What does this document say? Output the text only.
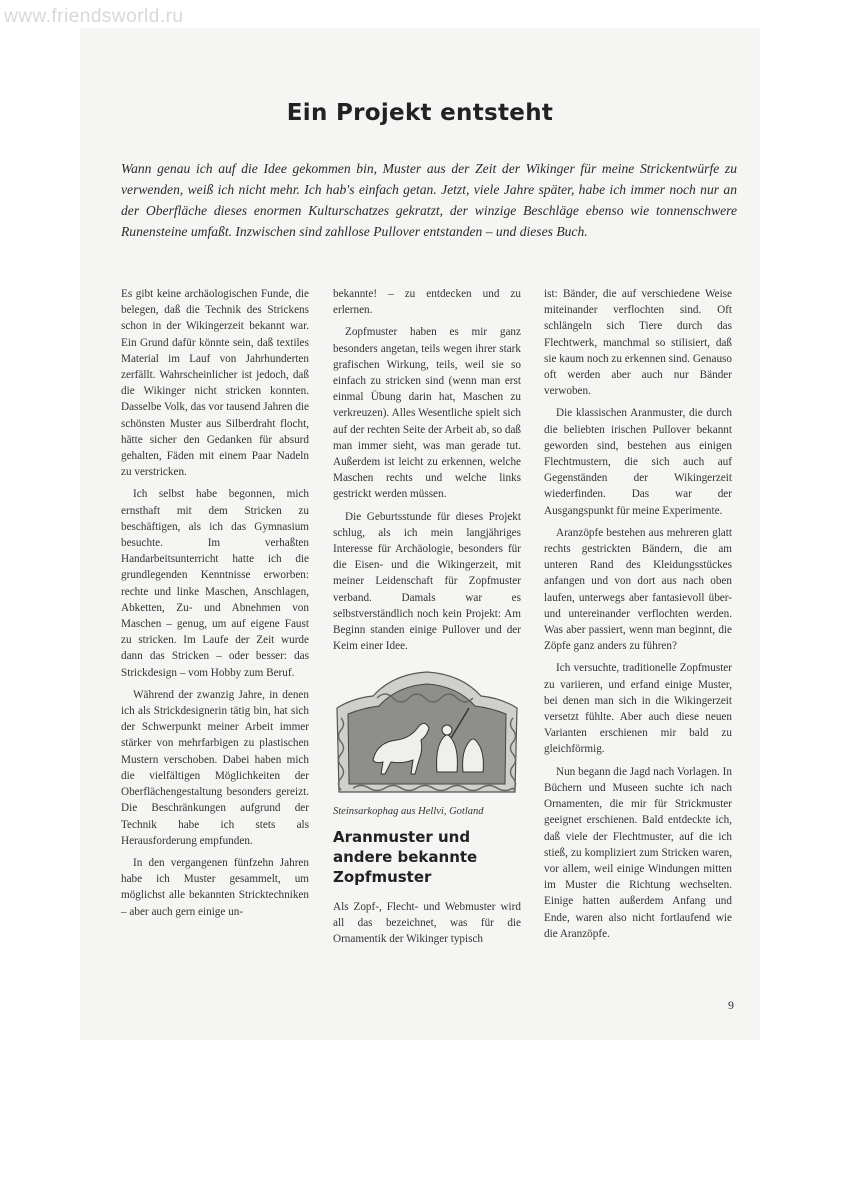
www.friendsworld.ru
Ein Projekt entsteht
Wann genau ich auf die Idee gekommen bin, Muster aus der Zeit der Wikinger für meine Strickentwürfe zu verwenden, weiß ich nicht mehr. Ich hab's einfach getan. Jetzt, viele Jahre später, habe ich immer noch nur an der Oberfläche dieses enormen Kulturschatzes gekratzt, der winzige Beschläge ebenso wie tonnenschwere Runensteine umfaßt. Inzwischen sind zahllose Pullover entstanden – und dieses Buch.

Es gibt keine archäologischen Funde, die belegen, daß die Technik des Strickens schon in der Wikingerzeit bekannt war. Ein Grund dafür könnte sein, daß textiles Material im Lauf von Jahrhunderten zerfällt. Wahrscheinlicher ist jedoch, daß die Wikinger nicht stricken konnten. Dasselbe Volk, das vor tausend Jahren die schönsten Muster aus Silberdraht flocht, hätte sicher den Gedanken für absurd gehalten, Fäden mit einem Paar Nadeln zu verstricken.

Ich selbst habe begonnen, mich ernsthaft mit dem Stricken zu beschäftigen, als ich das Gymnasium besuchte. Im verhaßten Handarbeitsunterricht hatte ich die grundlegenden Kenntnisse erworben: rechte und linke Maschen, Anschlagen, Abketten, Zu- und Abnehmen von Maschen – genug, um auf eigene Faust zu stricken. Im Laufe der Zeit wurde dann das Stricken – oder besser: das Strickdesign – vom Hobby zum Beruf.

Während der zwanzig Jahre, in denen ich als Strickdesignerin tätig bin, hat sich der Schwerpunkt meiner Arbeit immer stärker von mehrfarbigen zu plastischen Mustern verschoben. Dabei haben mich die vielfältigen Möglichkeiten der Oberflächengestaltung besonders gereizt. Die Beschränkungen aufgrund der Technik habe ich stets als Herausforderung empfunden.

In den vergangenen fünfzehn Jahren habe ich Muster gesammelt, um möglichst alle bekannten Stricktechniken – aber auch gern einige un-

bekannte! – zu entdecken und zu erlernen.

Zopfmuster haben es mir ganz besonders angetan, teils wegen ihrer stark grafischen Wirkung, teils, weil sie so einfach zu stricken sind (wenn man erst einmal Übung darin hat, Maschen zu verkreuzen). Alles Wesentliche spielt sich auf der rechten Seite der Arbeit ab, so daß man immer sieht, was man gerade tut. Außerdem ist leicht zu erkennen, welche Maschen rechts und welche links gestrickt werden müssen.

Die Geburtsstunde für dieses Projekt schlug, als ich mein langjähriges Interesse für Archäologie, besonders für die Eisen- und die Wikingerzeit, mit meiner Leidenschaft für Zopfmuster verband. Damals war es selbstverständlich noch kein Projekt: Am Beginn standen einige Pullover und der Keim einer Idee.

Steinsarkophag aus Hellvi, Gotland

Aranmuster und andere bekannte Zopfmuster

Als Zopf-, Flecht- und Webmuster wird all das bezeichnet, was für die Ornamentik der Wikinger typisch

ist: Bänder, die auf verschiedene Weise miteinander verflochten sind. Oft schlängeln sich Tiere durch das Flechtwerk, manchmal so stilisiert, daß sie kaum noch zu erkennen sind. Genauso oft werden aber auch nur Bänder verwoben.

Die klassischen Aranmuster, die durch die beliebten irischen Pullover bekannt geworden sind, bestehen aus einigen Flechtmustern, die sich auch auf Gegenständen der Wikingerzeit wiederfinden. Das war der Ausgangspunkt für meine Experimente.

Aranzöpfe bestehen aus mehreren glatt rechts gestrickten Bändern, die am unteren Rand des Kleidungsstückes anfangen und von dort aus nach oben laufen, unterwegs aber fantasievoll über- und untereinander verflochten werden. Was aber passiert, wenn man beginnt, die Zöpfe ganz anders zu führen?

Ich versuchte, traditionelle Zopfmuster zu variieren, und erfand einige Muster, bei denen man sich in die Wikingerzeit versetzt fühlte. Aber auch diese neuen Varianten erschienen mir bald zu gleichförmig.

Nun begann die Jagd nach Vorlagen. In Büchern und Museen suchte ich nach Ornamenten, die mir für Strickmuster geeignet erschienen. Bald entdeckte ich, daß viele der Flechtmuster, auf die ich stieß, zu kompliziert zum Stricken waren, vor allem, weil einige Windungen mitten im Muster die Richtung wechselten. Einige hatten außerdem Anfang und Ende, waren also nicht fortlaufend wie die Aranzöpfe.

9
